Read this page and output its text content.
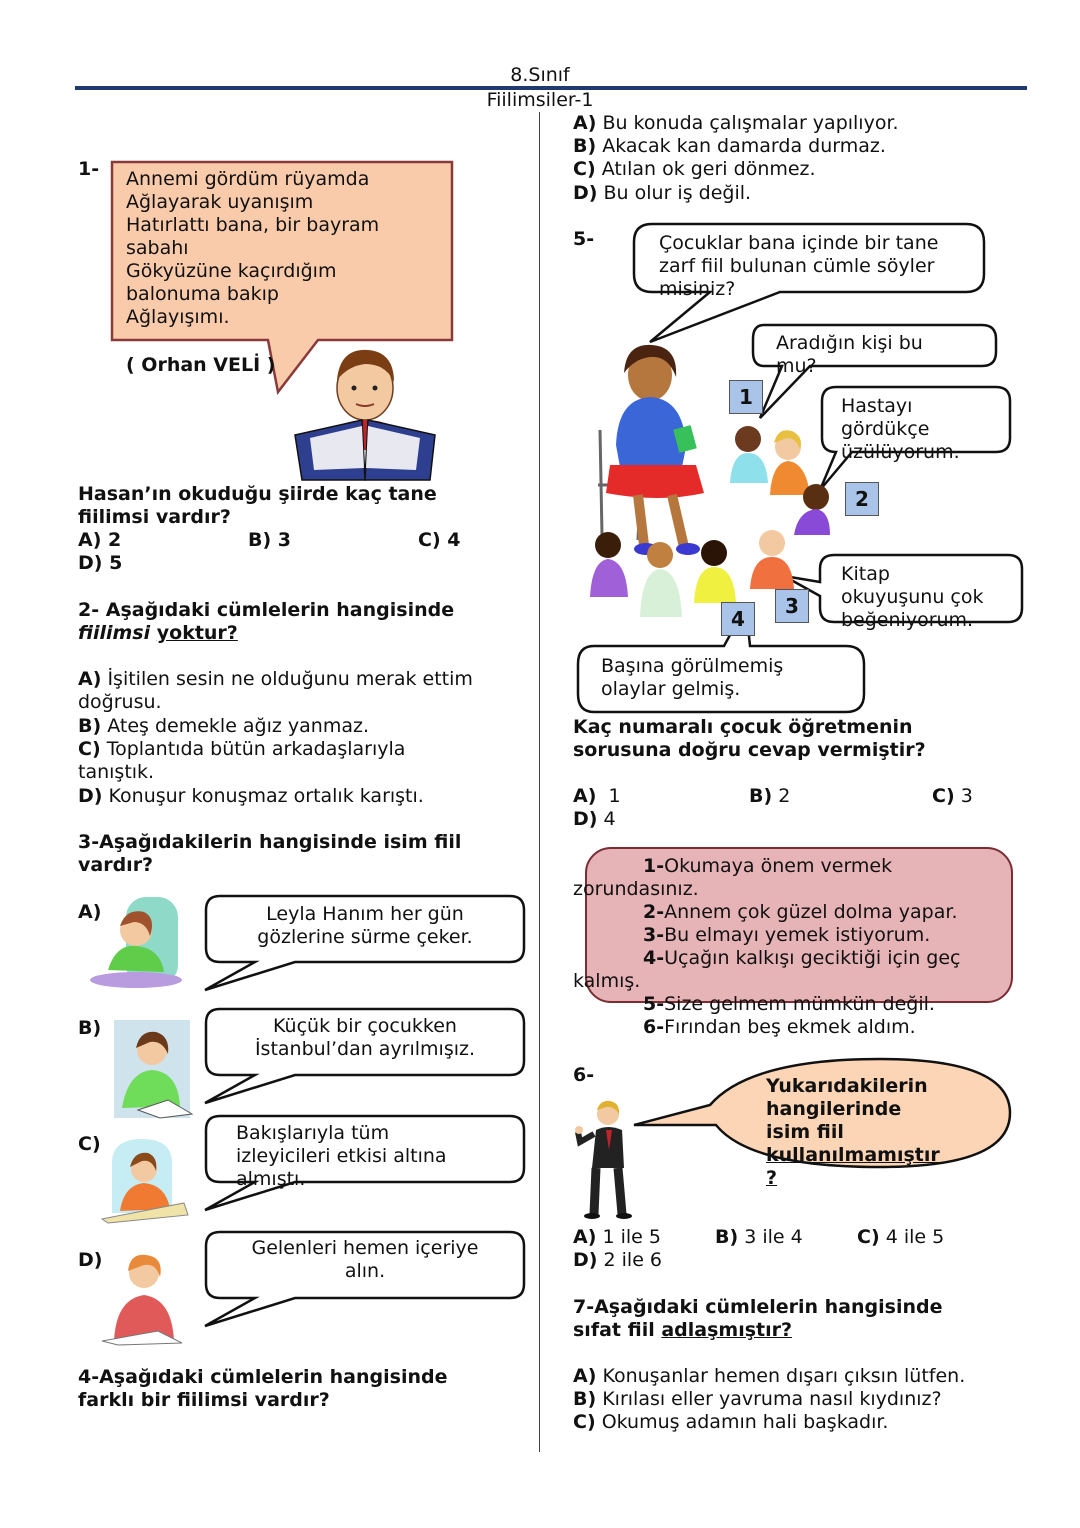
8.Sınıf
Fiilimsiler-1
1- Annemi gördüm rüyamda
Ağlayarak uyanışım
Hatırlattı bana, bir bayram
sabahı
Gökyüzüne kaçırdığım
balonuma bakıp
Ağlayışımı.
( Orhan VELİ )
Hasan’ın okuduğu şiirde kaç tane
fiilimsi vardır?
A) 2	B) 3	C) 4
D) 5
2- Aşağıdaki cümlelerin hangisinde
fiilimsi yoktur?
A) İşitilen sesin ne olduğunu merak ettim
doğrusu.
B) Ateş demekle ağız yanmaz.
C) Toplantıda bütün arkadaşlarıyla
tanıştık.
D) Konuşur konuşmaz ortalık karıştı.
3-Aşağıdakilerin hangisinde isim fiil
vardır?
A)	Leyla Hanım her gün
gözlerine sürme çeker.
B)	Küçük bir çocukken
İstanbul’dan ayrılmışız.
C)	Bakışlarıyla tüm
izleyicileri etkisi altına
almıştı.
D)
Gelenleri hemen içeriye
alın.
4-Aşağıdaki cümlelerin hangisinde
farklı bir fiilimsi vardır?
A) Bu konuda çalışmalar yapılıyor.
B) Akacak kan damarda durmaz.
C) Atılan ok geri dönmez.
D) Bu olur iş değil.
5-	Çocuklar bana içinde bir tane
zarf fiil bulunan cümle söyler
misiniz?
Aradığın kişi bu
mu?
Hastayı
gördükçe
üzülüyorum.
Kitap
okuyuşunu çok
beğeniyorum.
Başına görülmemiş
olaylar gelmiş.
1
2
3
4
Kaç numaralı çocuk öğretmenin
sorusuna doğru cevap vermiştir?
A) 1	B) 2	C) 3
D) 4
1-Okumaya önem vermek
zorundasınız.
2-Annem çok güzel dolma yapar.
3-Bu elmayı yemek istiyorum.
4-Uçağın kalkışı geciktiği için geç
kalmış.
5-Size gelmem mümkün değil.
6-Fırından beş ekmek aldım.
6-	Yukarıdakilerin
hangilerinde
isim fiil
kullanılmamıştır
?
A) 1 ile 5	B) 3 ile 4	C) 4 ile 5
D) 2 ile 6
7-Aşağıdaki cümlelerin hangisinde
sıfat fiil adlaşmıştır?
A) Konuşanlar hemen dışarı çıksın lütfen.
B) Kırılası eller yavruma nasıl kıydınız?
C) Okumuş adamın hali başkadır.
